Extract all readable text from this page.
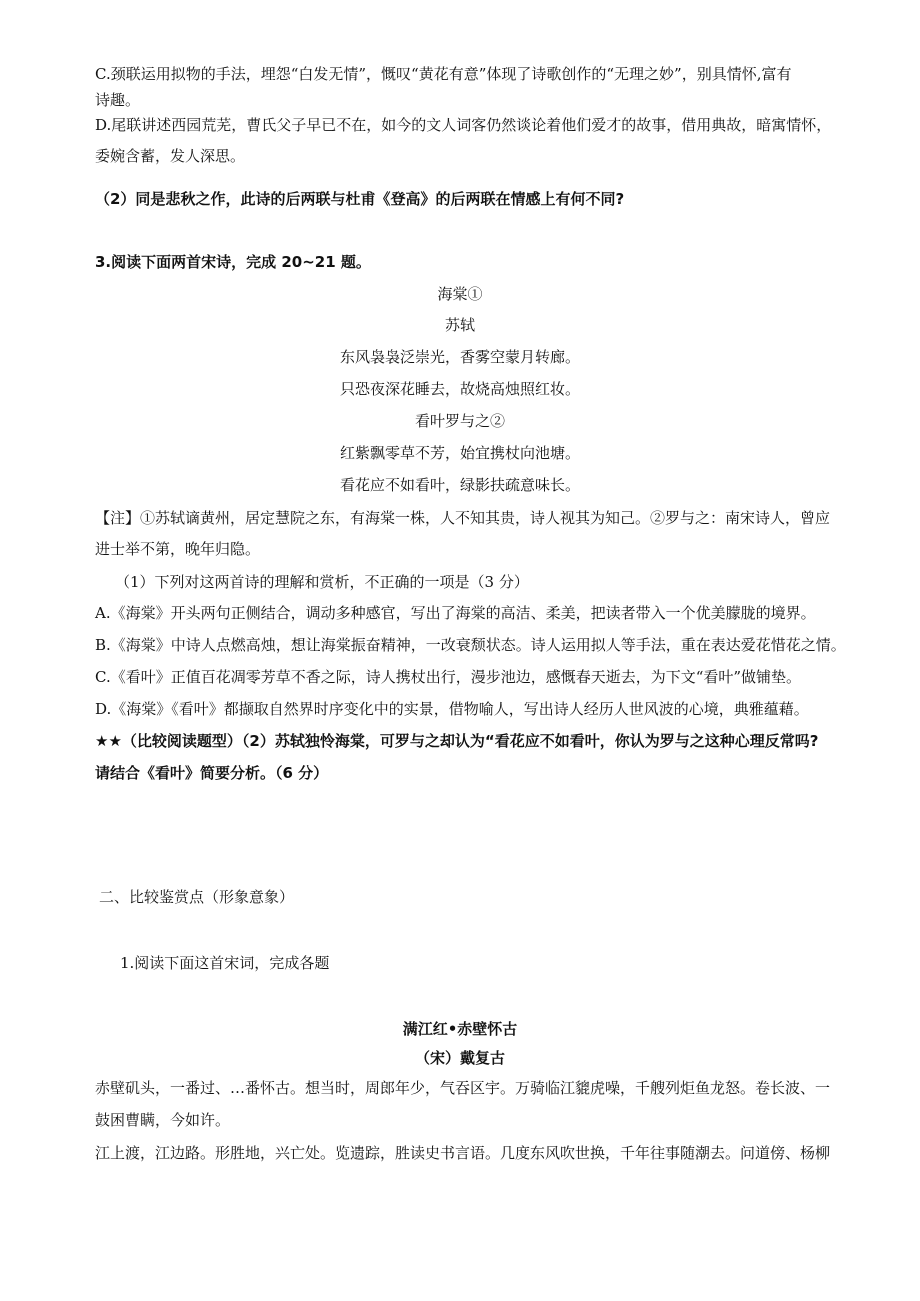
C.颈联运用拟物的手法，埋怨“白发无情”，慨叹“黄花有意”体现了诗歌创作的“无理之妙”，别具情怀,富有
诗趣。
D.尾联讲述西园荒芜，曹氏父子早已不在，如今的文人词客仍然谈论着他们爱才的故事，借用典故，暗寓情怀，
委婉含蓄，发人深思。
（2）同是悲秋之作，此诗的后两联与杜甫《登高》的后两联在情感上有何不同?
3.阅读下面两首宋诗，完成 20~21 题。
海棠①
苏轼
东风袅袅泛崇光，香雾空蒙月转廊。
只恐夜深花睡去，故烧高烛照红妆。
看叶罗与之②
红紫飘零草不芳，始宜携杖向池塘。
看花应不如看叶，绿影扶疏意味长。
【注】①苏轼谪黄州，居定慧院之东，有海棠一株，人不知其贵，诗人视其为知己。②罗与之：南宋诗人，曾应
进士举不第，晚年归隐。
（1）下列对这两首诗的理解和赏析，不正确的一项是（3 分）
A.《海棠》开头两句正侧结合，调动多种感官，写出了海棠的高洁、柔美，把读者带入一个优美朦胧的境界。
B.《海棠》中诗人点燃高烛，想让海棠振奋精神，一改衰颓状态。诗人运用拟人等手法，重在表达爱花惜花之情。
C.《看叶》正值百花凋零芳草不香之际，诗人携杖出行，漫步池边，感慨春天逝去，为下文“看叶”做铺垫。
D.《海棠》《看叶》都撷取自然界时序变化中的实景，借物喻人，写出诗人经历人世风波的心境，典雅蕴藉。
★★（比较阅读题型）（2）苏轼独怜海棠，可罗与之却认为“看花应不如看叶，你认为罗与之这种心理反常吗?
请结合《看叶》简要分析。（6 分）
二、比较鉴赏点（形象意象）
1.阅读下面这首宋词，完成各题
满江红•赤壁怀古
（宋）戴复古
赤壁矶头，一番过、…番怀古。想当时，周郎年少，气吞区宇。万骑临江貔虎噪，千艘列炬鱼龙怒。卷长波、一
鼓困曹瞒，今如许。
江上渡，江边路。形胜地，兴亡处。览遗踪，胜读史书言语。几度东风吹世换，千年往事随潮去。问道傍、杨柳
